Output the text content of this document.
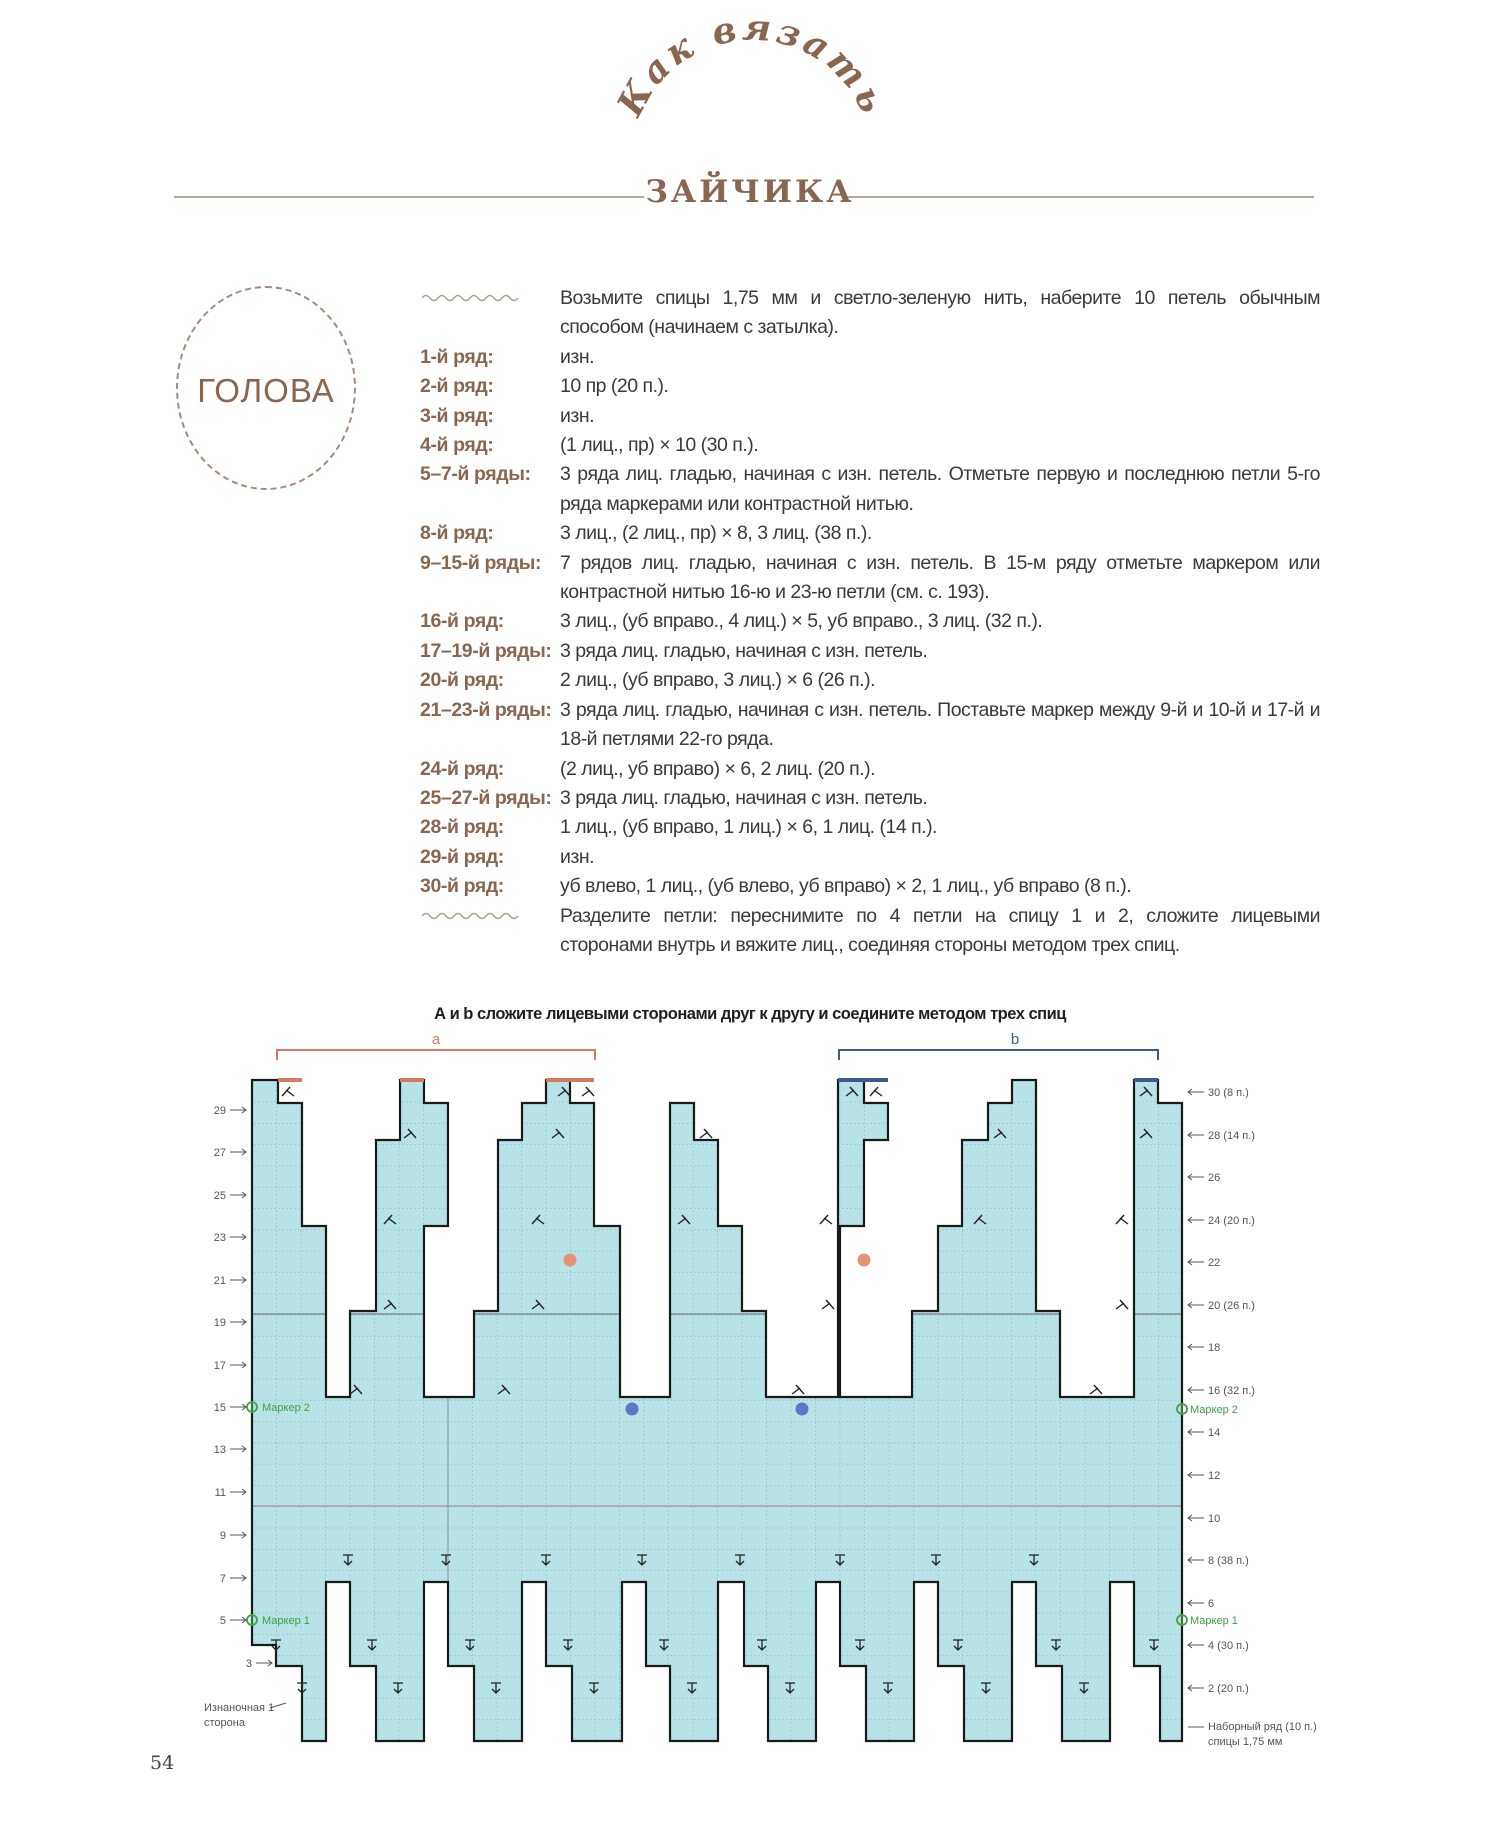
Как вязать
ЗАЙЧИКА
ГОЛОВА
Возьмите спицы 1,75 мм и светло-зеленую нить, наберите 10 петель обычным способом (начинаем с затылка).
1-й ряд:	изн.
2-й ряд:	10 пр (20 п.).
3-й ряд:	изн.
4-й ряд:	(1 лиц., пр) × 10 (30 п.).
5–7-й ряды:	3 ряда лиц. гладью, начиная с изн. петель. Отметьте первую и последнюю петли 5-го ряда маркерами или контрастной нитью.
8-й ряд:	3 лиц., (2 лиц., пр) × 8, 3 лиц. (38 п.).
9–15-й ряды: 7 рядов лиц. гладью, начиная с изн. петель. В 15-м ряду отметьте маркером или контрастной нитью 16-ю и 23-ю петли (см. с. 193).
16-й ряд:	3 лиц., (уб вправо., 4 лиц.) × 5, уб вправо., 3 лиц. (32 п.).
17–19-й ряды: 3 ряда лиц. гладью, начиная с изн. петель.
20-й ряд:	2 лиц., (уб вправо, 3 лиц.) × 6 (26 п.).
21–23-й ряды: 3 ряда лиц. гладью, начиная с изн. петель. Поставьте маркер между 9-й и 10-й и 17-й и 18-й петлями 22-го ряда.
24-й ряд:	(2 лиц., уб вправо) × 6, 2 лиц. (20 п.).
25–27-й ряды: 3 ряда лиц. гладью, начиная с изн. петель.
28-й ряд:	1 лиц., (уб вправо, 1 лиц.) × 6, 1 лиц. (14 п.).
29-й ряд:	изн.
30-й ряд:	уб влево, 1 лиц., (уб влево, уб вправо) × 2, 1 лиц., уб вправо (8 п.).
Разделите петли: переснимите по 4 петли на спицу 1 и 2, сложите лицевыми сторонами внутрь и вяжите лиц., соединяя стороны методом трех спиц.
А и b сложите лицевыми сторонами друг к другу и соедините методом трех спиц
a	b
29
27
25
23
21
19
17
15
13
11
9
7
5
3
30 (8 п.)
28 (14 п.)
26
24 (20 п.)
22
20 (26 п.)
18
16 (32 п.)
14
12
10
8 (38 п.)
6
4 (30 п.)
2 (20 п.)
Маркер 2
Маркер 1
Маркер 2
Маркер 1
Изнаночная 1
сторона	Наборный ряд (10 п.)
спицы 1,75 мм
54
